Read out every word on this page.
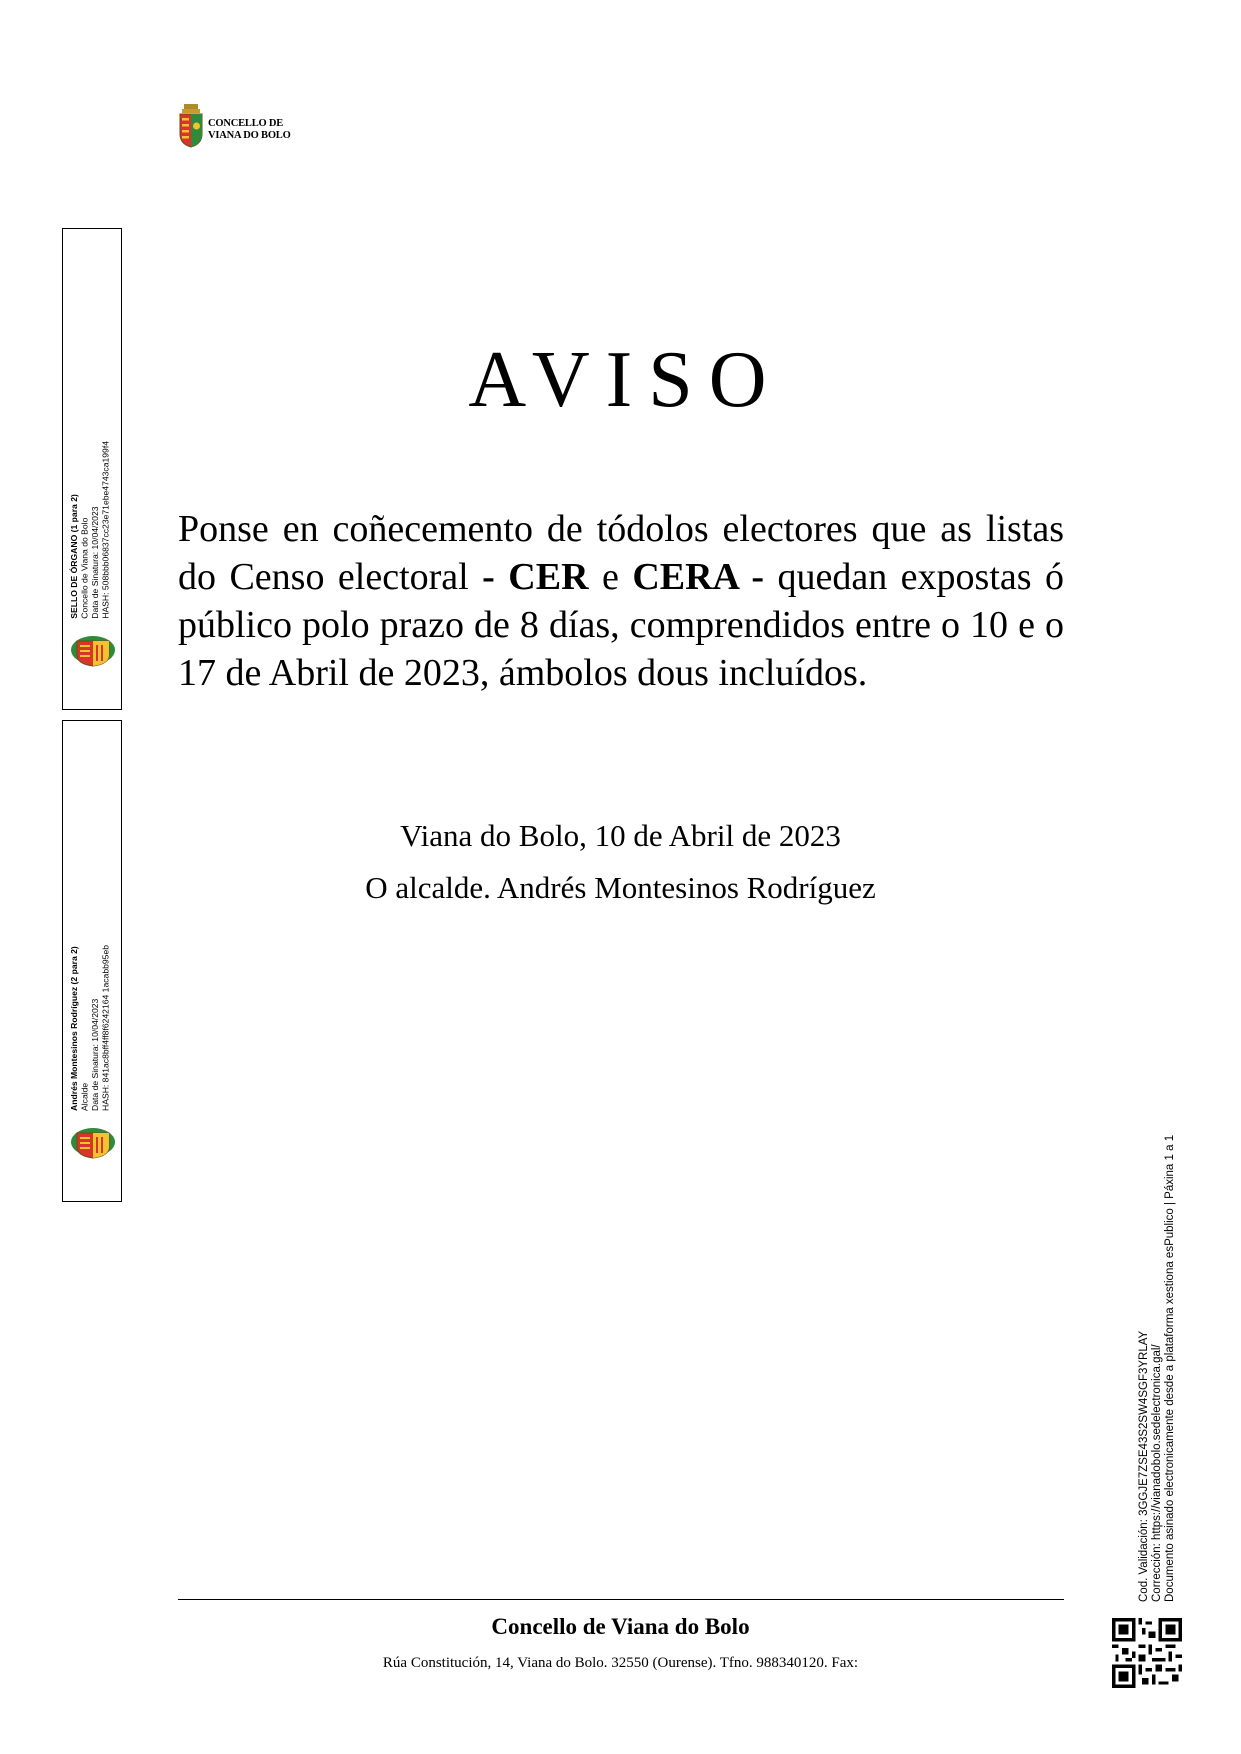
CONCELLO DE
VIANA DO BOLO
AVISO
Ponse en coñecemento de tódolos electores que as listas do Censo electoral - CER e CERA - quedan expostas ó público polo prazo de 8 días, comprendidos entre o 10 e o 17 de Abril de 2023, ámbolos dous incluídos.
Viana do Bolo, 10 de Abril de 2023
O alcalde. Andrés Montesinos Rodríguez
SELLO DE ÓRGANO (1 para 2) Concello de Viana do Bolo Data de Sinatura: 10/04/2023 HASH: 508bbb06837cc23e71ebe4743ca199f4
Andrés Montesinos Rodríguez (2 para 2) Alcalde Data de Sinatura: 10/04/2023 HASH: 841ac8bff4ff8f6242164 1acabb95eb
Cod. Validación: 3GGJE7ZSE43S2SW4SGF3YRLAY Corrección: https://vianadobolo.sedelectronica.gal/ Documento asinado electronicamente desde a plataforma xestiona esPublico | Páxina 1 a 1
Concello de Viana do Bolo
Rúa Constitución, 14, Viana do Bolo. 32550 (Ourense). Tfno. 988340120. Fax:
